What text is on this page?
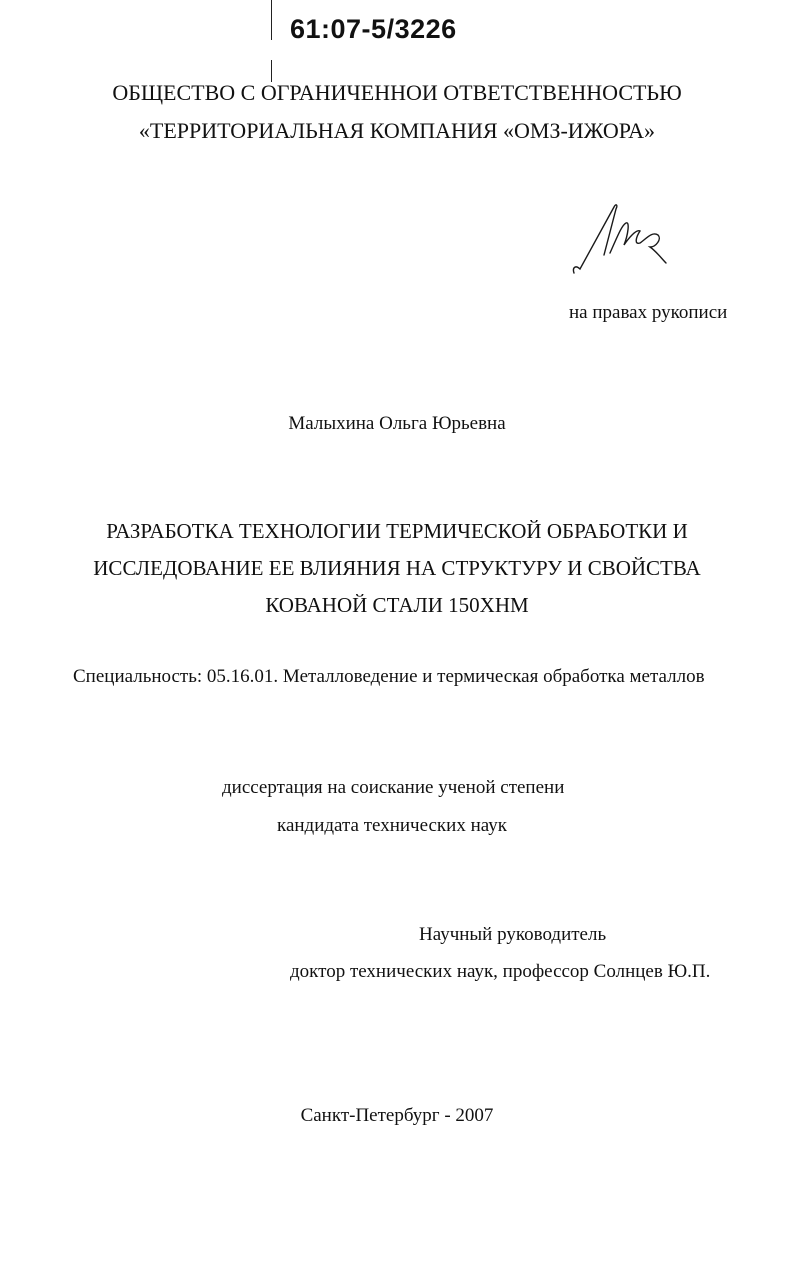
61:07-5/3226
ОБЩЕСТВО С ОГРАНИЧЕННОИ ОТВЕТСТВЕННОСТЬЮ
«ТЕРРИТОРИАЛЬНАЯ КОМПАНИЯ «ОМЗ-ИЖОРА»
на правах рукописи
Малыхина Ольга Юрьевна
РАЗРАБОТКА ТЕХНОЛОГИИ ТЕРМИЧЕСКОЙ ОБРАБОТКИ И
ИССЛЕДОВАНИЕ ЕЕ ВЛИЯНИЯ НА СТРУКТУРУ И СВОЙСТВА
КОВАНОЙ СТАЛИ 150ХНМ
Специальность: 05.16.01. Металловедение и термическая обработка металлов
диссертация на соискание ученой степени
кандидата технических наук
Научный руководитель
доктор технических наук, профессор Солнцев Ю.П.
Санкт-Петербург - 2007
